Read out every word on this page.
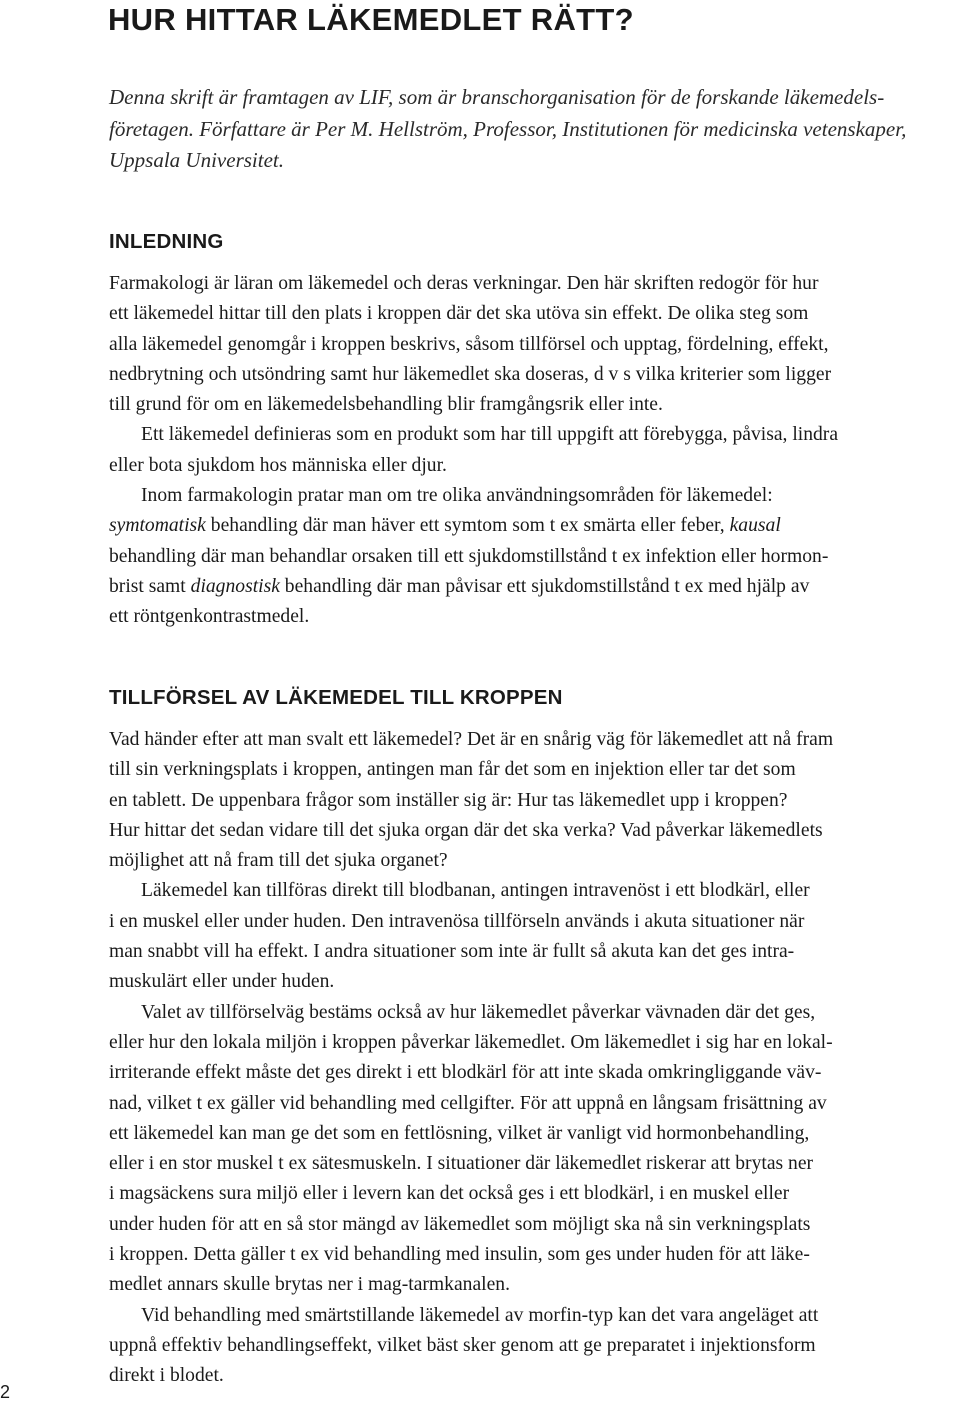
HUR HITTAR LÄKEMEDLET RÄTT?

Denna skrift är framtagen av LIF, som är branschorganisation för de forskande läkemedels-
företagen. Författare är Per M. Hellström, Professor, Institutionen för medicinska vetenskaper,
Uppsala Universitet.

INLEDNING
Farmakologi är läran om läkemedel och deras verkningar. Den här skriften redogör för hur
ett läkemedel hittar till den plats i kroppen där det ska utöva sin effekt. De olika steg som
alla läkemedel genomgår i kroppen beskrivs, såsom tillförsel och upptag, fördelning, effekt,
nedbrytning och utsöndring samt hur läkemedlet ska doseras, d v s vilka kriterier som ligger
till grund för om en läkemedelsbehandling blir framgångsrik eller inte.
Ett läkemedel definieras som en produkt som har till uppgift att förebygga, påvisa, lindra
eller bota sjukdom hos människa eller djur.
Inom farmakologin pratar man om tre olika användningsområden för läkemedel:
symtomatisk behandling där man häver ett symtom som t ex smärta eller feber, kausal
behandling där man behandlar orsaken till ett sjukdomstillstånd t ex infektion eller hormon-
brist samt diagnostisk behandling där man påvisar ett sjukdomstillstånd t ex med hjälp av
ett röntgenkontrastmedel.
TILLFÖRSEL AV LÄKEMEDEL TILL KROPPEN
Vad händer efter att man svalt ett läkemedel? Det är en snårig väg för läkemedlet att nå fram
till sin verkningsplats i kroppen, antingen man får det som en injektion eller tar det som
en tablett. De uppenbara frågor som inställer sig är: Hur tas läkemedlet upp i kroppen?
Hur hittar det sedan vidare till det sjuka organ där det ska verka? Vad påverkar läkemedlets
möjlighet att nå fram till det sjuka organet?
Läkemedel kan tillföras direkt till blodbanan, antingen intravenöst i ett blodkärl, eller
i en muskel eller under huden. Den intravenösa tillförseln används i akuta situationer när
man snabbt vill ha effekt. I andra situationer som inte är fullt så akuta kan det ges intra-
muskulärt eller under huden.
Valet av tillförselväg bestäms också av hur läkemedlet påverkar vävnaden där det ges,
eller hur den lokala miljön i kroppen påverkar läkemedlet. Om läkemedlet i sig har en lokal-
irriterande effekt måste det ges direkt i ett blodkärl för att inte skada omkringliggande väv-
nad, vilket t ex gäller vid behandling med cellgifter. För att uppnå en långsam frisättning av
ett läkemedel kan man ge det som en fettlösning, vilket är vanligt vid hormonbehandling,
eller i en stor muskel t ex sätesmuskeln. I situationer där läkemedlet riskerar att brytas ner
i magsäckens sura miljö eller i levern kan det också ges i ett blodkärl, i en muskel eller
under huden för att en så stor mängd av läkemedlet som möjligt ska nå sin verkningsplats
i kroppen. Detta gäller t ex vid behandling med insulin, som ges under huden för att läke-
medlet annars skulle brytas ner i mag-tarmkanalen.
Vid behandling med smärtstillande läkemedel av morfin-typ kan det vara angeläget att
uppnå effektiv behandlingseffekt, vilket bäst sker genom att ge preparatet i injektionsform
direkt i blodet.
2
